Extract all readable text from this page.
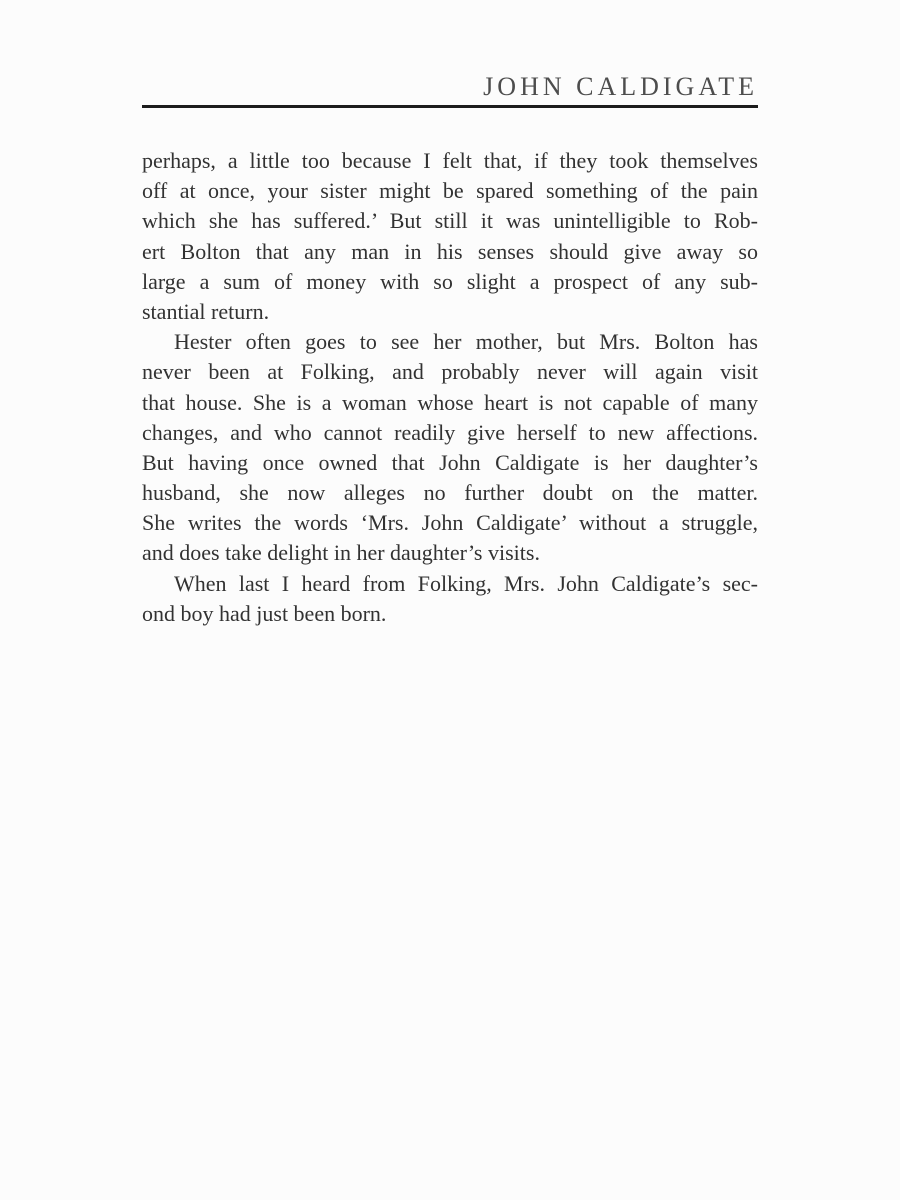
JOHN CALDIGATE
perhaps, a little too because I felt that, if they took themselves
off at once, your sister might be spared something of the pain
which she has suffered.’ But still it was unintelligible to Rob-
ert Bolton that any man in his senses should give away so
large a sum of money with so slight a prospect of any sub-
stantial return.
Hester often goes to see her mother, but Mrs. Bolton has
never been at Folking, and probably never will again visit
that house. She is a woman whose heart is not capable of many
changes, and who cannot readily give herself to new affections.
But having once owned that John Caldigate is her daughter’s
husband, she now alleges no further doubt on the matter.
She writes the words ‘Mrs. John Caldigate’ without a struggle,
and does take delight in her daughter’s visits.
When last I heard from Folking, Mrs. John Caldigate’s sec-
ond boy had just been born.
